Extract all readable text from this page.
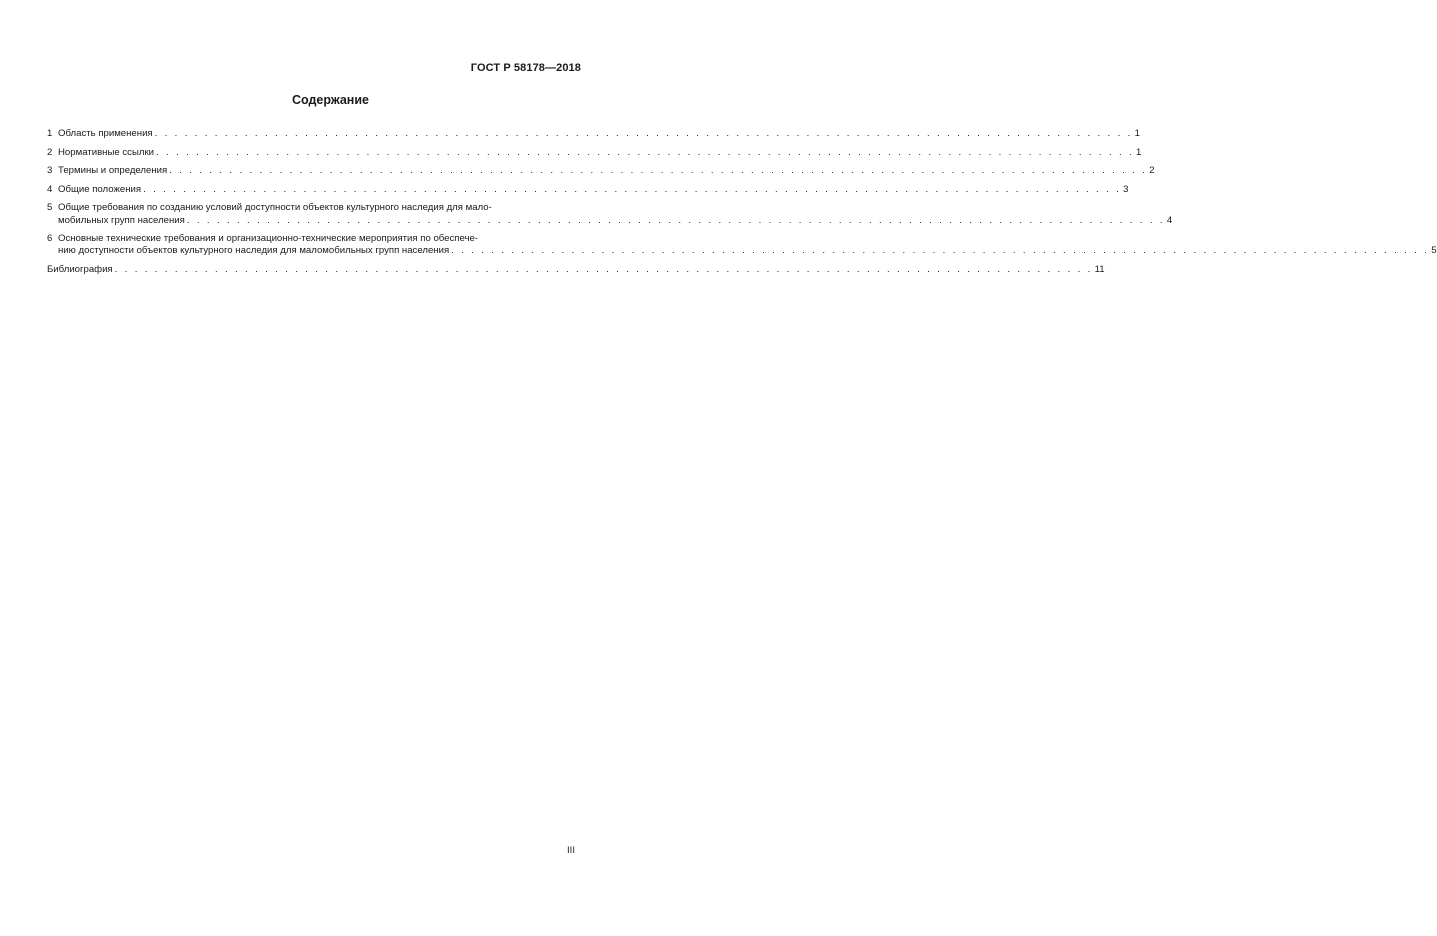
ГОСТ Р 58178—2018
Содержание
1 Область применения . . . . . . . . . . . . . . . . . . . . . . . . . . . . . . . . . . . . . . . . . . . . . . . . . . . . . . . . . . . . . . . . . . . . . . . . . . . . . . . . . . . . . . . . . . . . . . . . . . 1
2 Нормативные ссылки . . . . . . . . . . . . . . . . . . . . . . . . . . . . . . . . . . . . . . . . . . . . . . . . . . . . . . . . . . . . . . . . . . . . . . . . . . . . . . . . . . . . . . . . . . . . . . . . . . 1
3 Термины и определения . . . . . . . . . . . . . . . . . . . . . . . . . . . . . . . . . . . . . . . . . . . . . . . . . . . . . . . . . . . . . . . . . . . . . . . . . . . . . . . . . . . . . . . . . . . . . . . . . . 2
4 Общие положения . . . . . . . . . . . . . . . . . . . . . . . . . . . . . . . . . . . . . . . . . . . . . . . . . . . . . . . . . . . . . . . . . . . . . . . . . . . . . . . . . . . . . . . . . . . . . . . . . . 3
5 Общие требования по созданию условий доступности объектов культурного наследия для мало-
мобильных групп населения . . . . . . . . . . . . . . . . . . . . . . . . . . . . . . . . . . . . . . . . . . . . . . . . . . . . . . . . . . . . . . . . . . . . . . . . . . . . . . . . . . . . . . . . . . . . . . . . . . 4
6 Основные технические требования и организационно-технические мероприятия по обеспече-
нию доступности объектов культурного наследия для маломобильных групп населения . . . . . . . . . . . . . . . . . . . . . . . . . . . . . . . . . . . . . . . . . . . . . . . . . . . . . . . . . . . . . . . . . . . . . . . . . . . . . . . . . . . . . . . . . . . . . . . . . . 5
Библиография . . . . . . . . . . . . . . . . . . . . . . . . . . . . . . . . . . . . . . . . . . . . . . . . . . . . . . . . . . . . . . . . . . . . . . . . . . . . . . . . . . . . . . . . . . . . . . . . . . 11
III
